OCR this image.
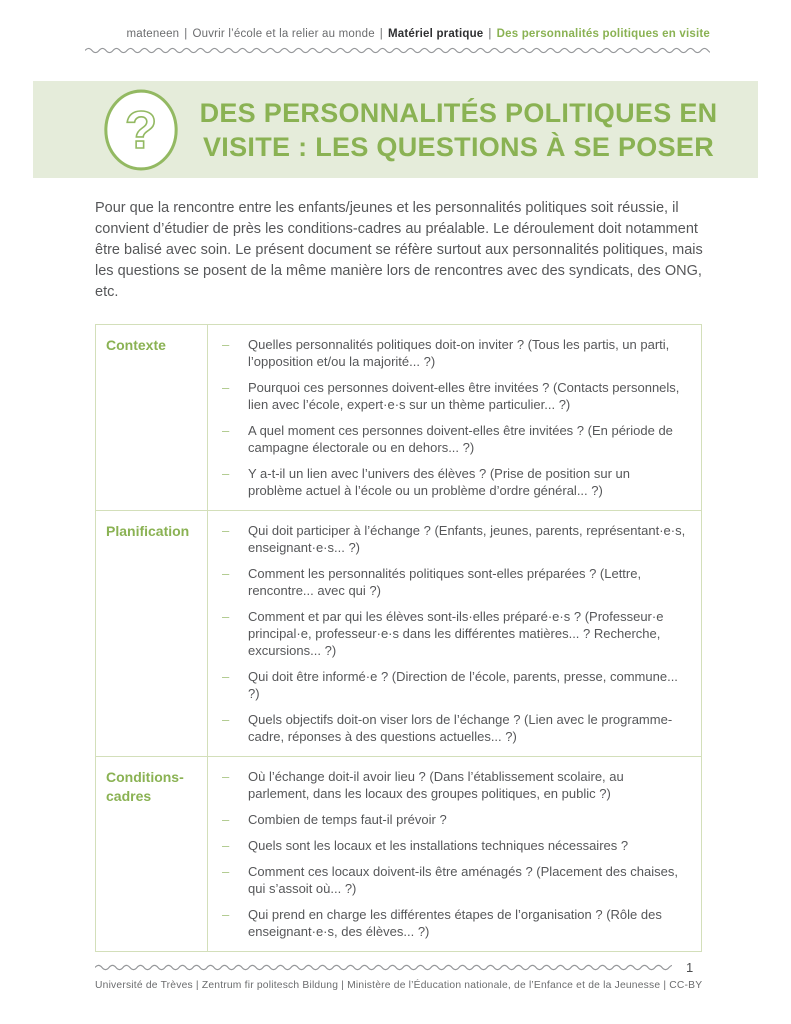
mateneen | Ouvrir l’école et la relier au monde | Matériel pratique | Des personnalités politiques en visite
?	DES PERSONNALITÉS POLITIQUES EN
VISITE : LES QUESTIONS À SE POSER

Pour que la rencontre entre les enfants/jeunes et les personnalités politiques soit réussie, il convient d’étudier de près les conditions-cadres au préalable. Le déroulement doit notamment être balisé avec soin. Le présent document se réfère surtout aux personnalités politiques, mais les questions se posent de la même manière lors de rencontres avec des syndicats, des ONG, etc.

Contexte	–	Quelles personnalités politiques doit-on inviter ? (Tous les partis, un parti, l’opposition et/ou la majorité... ?)
–	Pourquoi ces personnes doivent-elles être invitées ? (Contacts personnels, lien avec l’école, expert·e·s sur un thème particulier... ?)
–	A quel moment ces personnes doivent-elles être invitées ? (En période de campagne électorale ou en dehors... ?)
–	Y a-t-il un lien avec l’univers des élèves ? (Prise de position sur un problème actuel à l’école ou un problème d’ordre général... ?)
Planification	–	Qui doit participer à l’échange ? (Enfants, jeunes, parents, représentant·e·s, enseignant·e·s... ?)
–	Comment les personnalités politiques sont-elles préparées ? (Lettre, rencontre... avec qui ?)
–	Comment et par qui les élèves sont-ils·elles préparé·e·s ? (Professeur·e principal·e, professeur·e·s dans les différentes matières... ? Recherche, excursions... ?)
–	Qui doit être informé·e ? (Direction de l’école, parents, presse, commune... ?)
–	Quels objectifs doit-on viser lors de l’échange ? (Lien avec le programme-cadre, réponses à des questions actuelles... ?)
Conditions-cadres
–	Où l’échange doit-il avoir lieu ? (Dans l’établissement scolaire, au parlement, dans les locaux des groupes politiques, en public ?)
–	Combien de temps faut-il prévoir ?
–	Quels sont les locaux et les installations techniques nécessaires ?
–	Comment ces locaux doivent-ils être aménagés ? (Placement des chaises, qui s’assoit où... ?)
–	Qui prend en charge les différentes étapes de l’organisation ? (Rôle des enseignant·e·s, des élèves... ?)
1
Université de Trèves | Zentrum fir politesch Bildung | Ministère de l’Éducation nationale, de l’Enfance et de la Jeunesse | CC-BY
